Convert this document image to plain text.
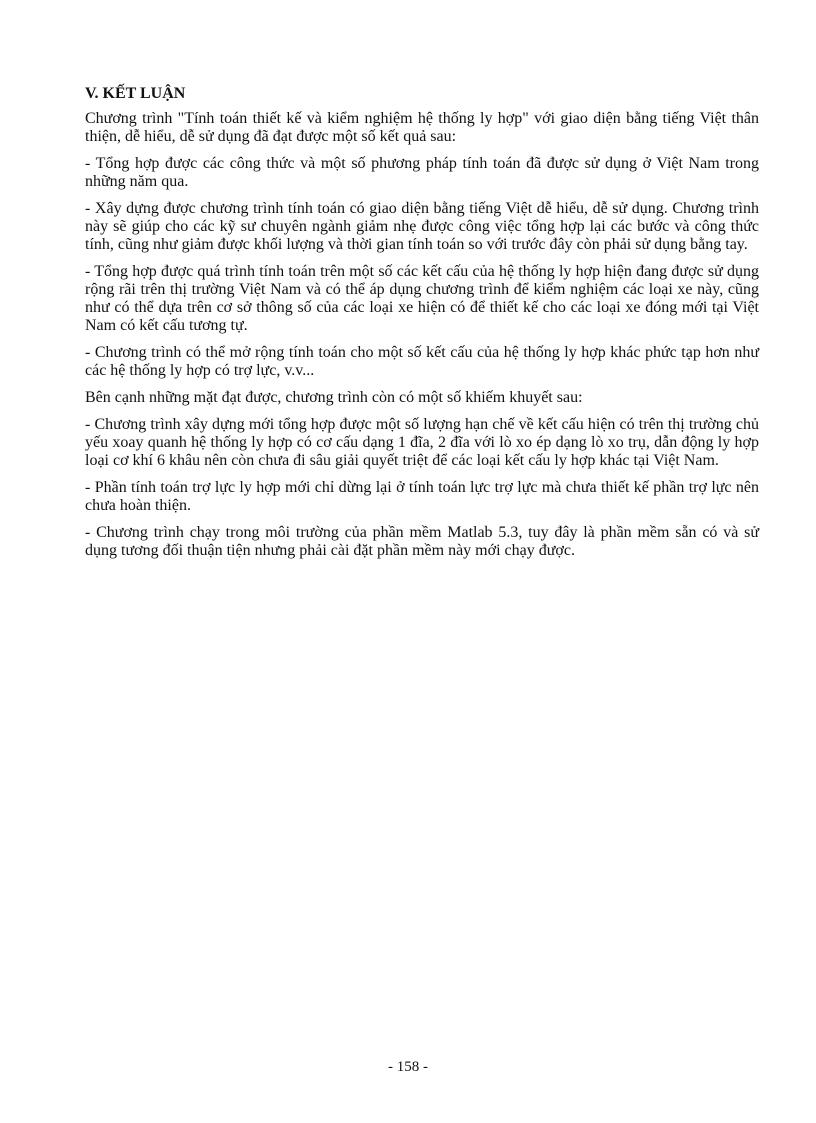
V. KẾT LUẬN

Chương trình "Tính toán thiết kế và kiểm nghiệm hệ thống ly hợp" với giao diện bằng tiếng Việt thân thiện, dễ hiểu, dễ sử dụng đã đạt được một số kết quả sau:

- Tổng hợp được các công thức và một số phương pháp tính toán đã được sử dụng ở Việt Nam trong những năm qua.

- Xây dựng được chương trình tính toán có giao diện bằng tiếng Việt dễ hiểu, dễ sử dụng. Chương trình này sẽ giúp cho các kỹ sư chuyên ngành giảm nhẹ được công việc tổng hợp lại các bước và công thức tính, cũng như giảm được khối lượng và thời gian tính toán so với trước đây còn phải sử dụng bằng tay.

- Tổng hợp được quá trình tính toán trên một số các kết cấu của hệ thống ly hợp hiện đang được sử dụng rộng rãi trên thị trường Việt Nam và có thể áp dụng chương trình để kiểm nghiệm các loại xe này, cũng như có thể dựa trên cơ sở thông số của các loại xe hiện có để thiết kế cho các loại xe đóng mới tại Việt Nam có kết cấu tương tự.

- Chương trình có thể mở rộng tính toán cho một số kết cấu của hệ thống ly hợp khác phức tạp hơn như các hệ thống ly hợp có trợ lực, v.v...

Bên cạnh những mặt đạt được, chương trình còn có một số khiếm khuyết sau:

- Chương trình xây dựng mới tổng hợp được một số lượng hạn chế về kết cấu hiện có trên thị trường chủ yếu xoay quanh hệ thống ly hợp có cơ cấu dạng 1 đĩa, 2 đĩa với lò xo ép dạng lò xo trụ, dẫn động ly hợp loại cơ khí 6 khâu nên còn chưa đi sâu giải quyết triệt để các loại kết cấu ly hợp khác tại Việt Nam.

- Phần tính toán trợ lực ly hợp mới chỉ dừng lại ở tính toán lực trợ lực mà chưa thiết kế phần trợ lực nên chưa hoàn thiện.

- Chương trình chạy trong môi trường của phần mềm Matlab 5.3, tuy đây là phần mềm sẵn có và sử dụng tương đối thuận tiện nhưng phải cài đặt phần mềm này mới chạy được.

- 158 -
